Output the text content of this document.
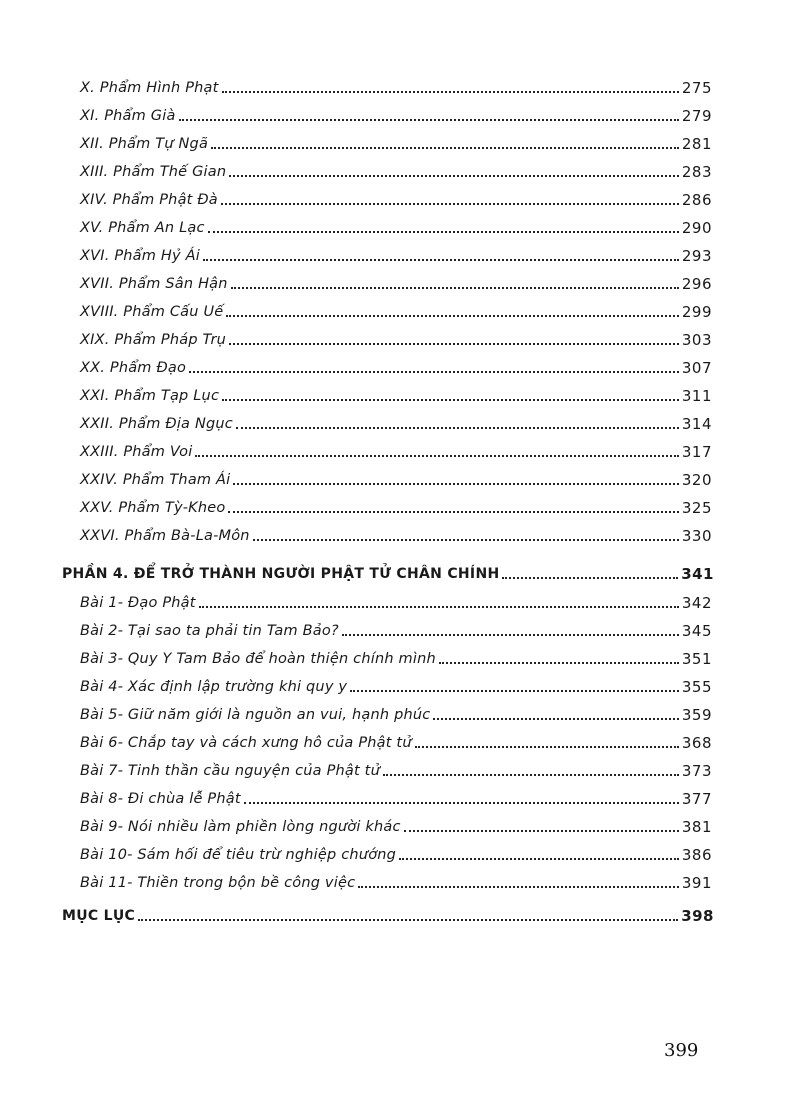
X. Phẩm Hình Phạt	275
XI. Phẩm Già	279
XII. Phẩm Tự Ngã	281
XIII. Phẩm Thế Gian	283
XIV. Phẩm Phật Đà	286
XV. Phẩm An Lạc	290
XVI. Phẩm Hỷ Ái	293
XVII. Phẩm Sân Hận	296
XVIII. Phẩm Cấu Uế	299
XIX. Phẩm Pháp Trụ	303
XX. Phẩm Đạo	307
XXI. Phẩm Tạp Lục	311
XXII. Phẩm Địa Ngục	314
XXIII. Phẩm Voi	317
XXIV. Phẩm Tham Ái	320
XXV. Phẩm Tỳ-Kheo	325
XXVI. Phẩm Bà-La-Môn	330
PHẦN 4. ĐỂ TRỞ THÀNH NGƯỜI PHẬT TỬ CHÂN CHÍNH	341
Bài 1- Đạo Phật	342
Bài 2- Tại sao ta phải tin Tam Bảo?	345
Bài 3- Quy Y Tam Bảo để hoàn thiện chính mình	351
Bài 4- Xác định lập trường khi quy y	355
Bài 5- Giữ năm giới là nguồn an vui, hạnh phúc	359
Bài 6- Chắp tay và cách xưng hô của Phật tử	368
Bài 7- Tinh thần cầu nguyện của Phật tử	373
Bài 8- Đi chùa lễ Phật	377
Bài 9- Nói nhiều làm phiền lòng người khác	381
Bài 10- Sám hối để tiêu trừ nghiệp chướng	386
Bài 11- Thiền trong bộn bề công việc	391
MỤC LỤC	398
399
